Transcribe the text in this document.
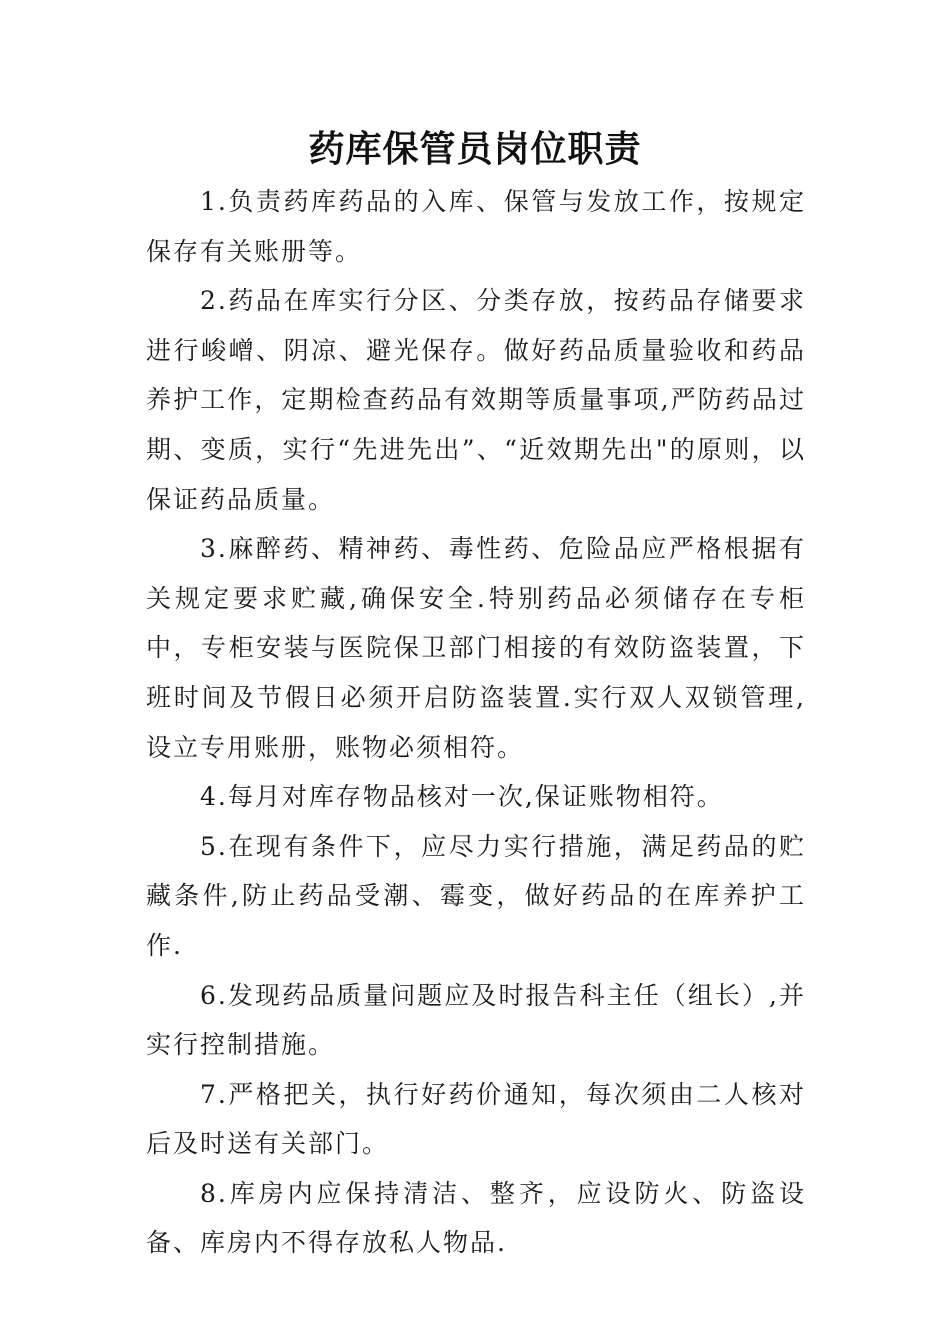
药库保管员岗位职责

1.负责药库药品的入库、保管与发放工作，按规定保存有关账册等。

2.药品在库实行分区、分类存放，按药品存储要求进行峻嶒、阴凉、避光保存。做好药品质量验收和药品养护工作，定期检查药品有效期等质量事项,严防药品过期、变质，实行“先进先出”、“近效期先出"的原则，以保证药品质量。

3.麻醉药、精神药、毒性药、危险品应严格根据有关规定要求贮藏,确保安全.特别药品必须储存在专柜中，专柜安装与医院保卫部门相接的有效防盗装置，下班时间及节假日必须开启防盗装置.实行双人双锁管理,设立专用账册，账物必须相符。

4.每月对库存物品核对一次,保证账物相符。

5.在现有条件下，应尽力实行措施，满足药品的贮藏条件,防止药品受潮、霉变，做好药品的在库养护工作.

6.发现药品质量问题应及时报告科主任（组长）,并实行控制措施。

7.严格把关，执行好药价通知，每次须由二人核对后及时送有关部门。

8.库房内应保持清洁、整齐，应设防火、防盗设备、库房内不得存放私人物品.
